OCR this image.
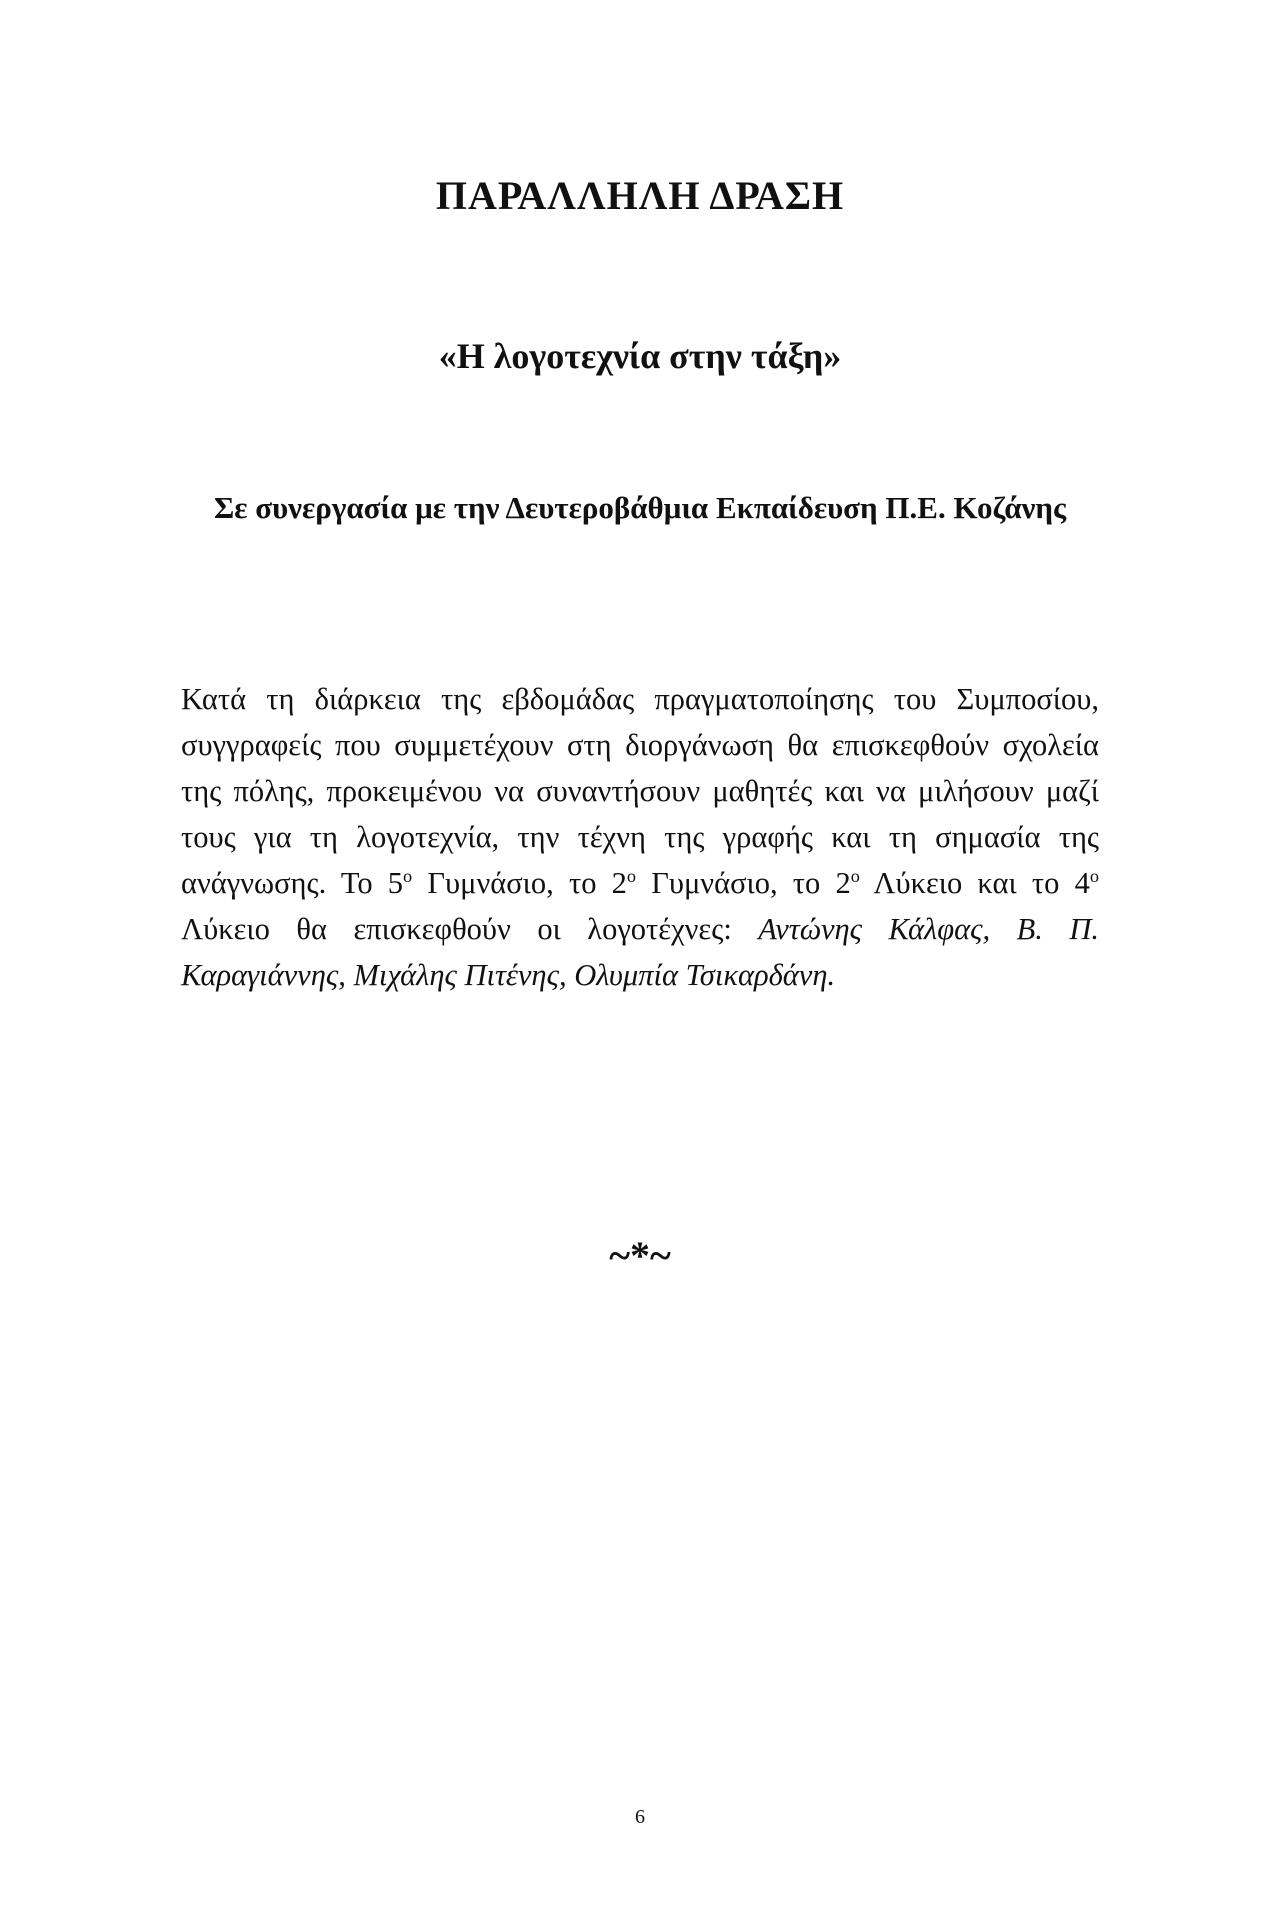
ΠΑΡΑΛΛΗΛΗ ΔΡΑΣΗ
«Η λογοτεχνία στην τάξη»
Σε συνεργασία με την Δευτεροβάθμια Εκπαίδευση Π.Ε. Κοζάνης
Κατά τη διάρκεια της εβδομάδας πραγματοποίησης του Συμποσίου, συγγραφείς που συμμετέχουν στη διοργάνωση θα επισκεφθούν σχολεία της πόλης, προκειμένου να συναντήσουν μαθητές και να μιλήσουν μαζί τους για τη λογοτεχνία, την τέχνη της γραφής και τη σημασία της ανάγνωσης. Το $5^o$ Γυμνάσιο, το $2^o$ Γυμνάσιο, το $2^o$ Λύκειο και το $4^o$ Λύκειο θα επισκεφθούν οι λογοτέχνες: Αντώνης Κάλφας, Β. Π. Καραγιάννης, Μιχάλης Πιτένης, Ολυμπία Τσικαρδάνη.
~*~
6
